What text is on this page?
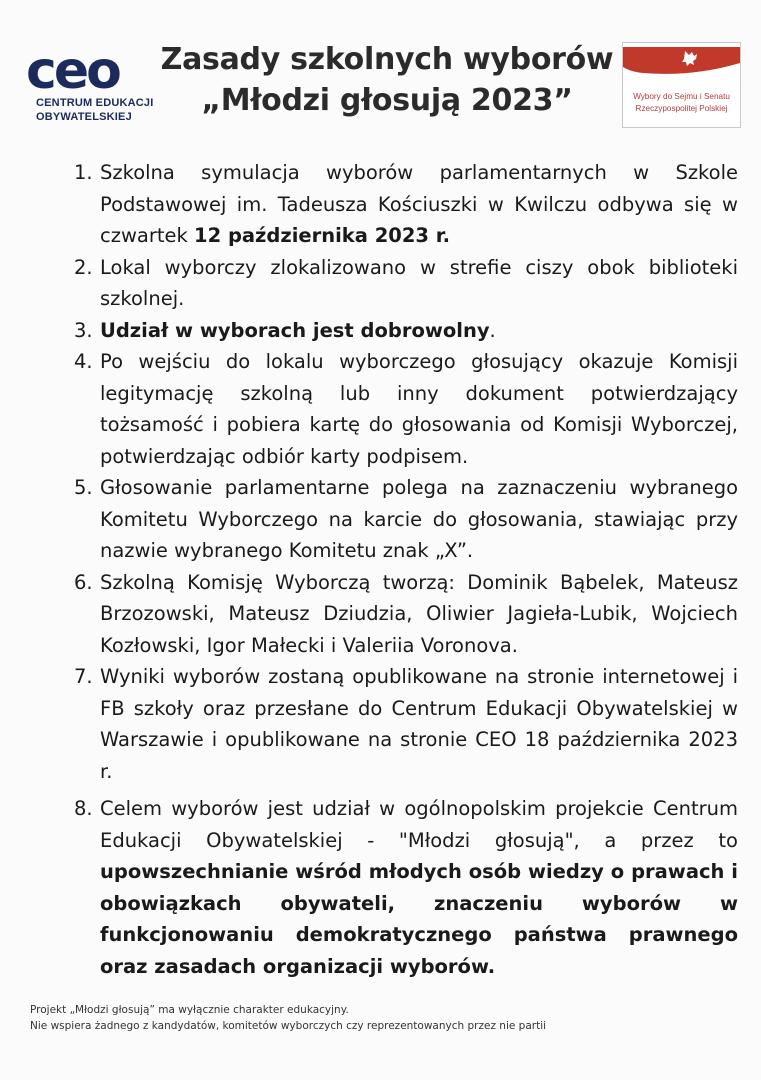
ceo
CENTRUM EDUKACJI
OBYWATELSKIEJ
Zasady szkolnych wyborów
„Młodzi głosują 2023”	Wybory do Sejmu i Senatu
Rzeczypospolitej Polskiej
1. Szkolna symulacja wyborów parlamentarnych w Szkole Podstawowej im. Tadeusza Kościuszki w Kwilczu odbywa się w czwartek 12 października 2023 r.
2. Lokal wyborczy zlokalizowano w strefie ciszy obok biblioteki szkolnej.
3. Udział w wyborach jest dobrowolny.
4. Po wejściu do lokalu wyborczego głosujący okazuje Komisji legitymację szkolną lub inny dokument potwierdzający tożsamość i pobiera kartę do głosowania od Komisji Wyborczej, potwierdzając odbiór karty podpisem.
5. Głosowanie parlamentarne polega na zaznaczeniu wybranego Komitetu Wyborczego na karcie do głosowania, stawiając przy nazwie wybranego Komitetu znak „X”.
6. Szkolną Komisję Wyborczą tworzą: Dominik Bąbelek, Mateusz Brzozowski, Mateusz Dziudzia, Oliwier Jagieła-Lubik, Wojciech Kozłowski, Igor Małecki i Valeriia Voronova.
7. Wyniki wyborów zostaną opublikowane na stronie internetowej i FB szkoły oraz przesłane do Centrum Edukacji Obywatelskiej w Warszawie i opublikowane na stronie CEO 18 października 2023 r.
8. Celem wyborów jest udział w ogólnopolskim projekcie Centrum Edukacji Obywatelskiej - "Młodzi głosują", a przez to upowszechnianie wśród młodych osób wiedzy o prawach i obowiązkach obywateli, znaczeniu wyborów w funkcjonowaniu demokratycznego państwa prawnego oraz zasadach organizacji wyborów.
Projekt „Młodzi głosują” ma wyłącznie charakter edukacyjny.
Nie wspiera żadnego z kandydatów, komitetów wyborczych czy reprezentowanych przez nie partii
